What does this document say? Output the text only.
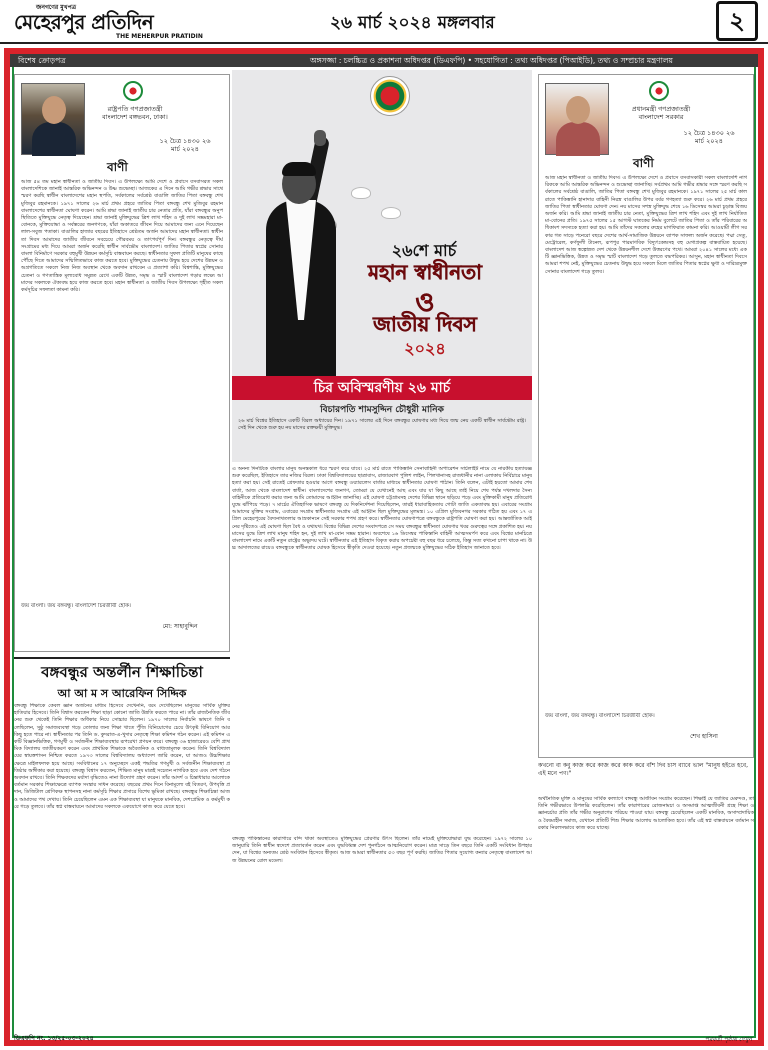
জনগণের মুখপত্র
মেহেরপুর প্রতিদিন
THE MEHERPUR PRATIDIN
২৬ মার্চ ২০২৪ মঙ্গলবার	২
বিশেষ ক্রোড়পত্র	অঙ্গসজ্জা : চলচ্চিত্র ও প্রকাশনা অধিদপ্তর (ডিএফপি) • সহযোগিতা : তথ্য অধিদপ্তর (পিআইডি), তথ্য ও সম্প্রচার মন্ত্রণালয়
রাষ্ট্রপতি গণপ্রজাতন্ত্রী বাংলাদেশ বঙ্গভবন, ঢাকা।
১২ চৈত্র ১৪৩০ ২৬ মার্চ ২০২৪
বাণী
আজ ৫৪ তম মহান স্বাধীনতা ও জাতীয় দিবস। এ উপলক্ষ্যে আমি দেশে ও প্রবাসে বসবাসরত সকল বাংলাদেশিকে জানাই আন্তরিক অভিনন্দন ও উষ্ণ শুভেচ্ছা। আজকের এ দিনে আমি গভীর শ্রদ্ধার সাথে স্মরণ করছি স্বাধীন বাংলাদেশের মহান স্থপতি, সর্বকালের সর্বশ্রেষ্ঠ বাঙালি জাতির পিতা বঙ্গবন্ধু শেখ মুজিবুর রহমানকে। ১৯৭১ সালের ২৬ মার্চ প্রথম প্রহরে জাতির পিতা বঙ্গবন্ধু শেখ মুজিবুর রহমান বাংলাদেশের স্বাধীনতা ঘোষণা করেন। আমি শ্রদ্ধা জানাই জাতীয় চার নেতার প্রতি, যাঁরা বঙ্গবন্ধুর অনুপস্থিতিতে মুক্তিযুদ্ধে নেতৃত্ব দিয়েছেন। শ্রদ্ধা জানাই মুক্তিযুদ্ধের ত্রিশ লাখ শহিদ ও দুই লাখ সম্ভ্রমহারা মা-বোনকে, মুক্তিযোদ্ধা ও সর্বস্তরের জনগণকে, যাঁরা অকাতরে জীবন দিয়ে আমাদের জন্য এনে দিয়েছেন লাল-সবুজ পতাকা। বাঙালির হাজার বছরের ইতিহাসে শ্রেষ্ঠতম অর্জন আমাদের মহান স্বাধীনতা। স্বাধীনতা দিবস আমাদের জাতীয় জীবনে সবচেয়ে গৌরবময় ও তাৎপর্যপূর্ণ দিন। বঙ্গবন্ধুর নেতৃত্বে দীর্ঘ সংগ্রামের মধ্য দিয়ে আমরা অর্জন করেছি স্বাধীন সার্বভৌম বাংলাদেশ। জাতির পিতার স্বপ্নের সোনার বাংলা বিনির্মাণে সরকার বহুমুখী উন্নয়ন কর্মসূচি বাস্তবায়ন করছে। স্বাধীনতার সুফল প্রতিটি মানুষের কাছে পৌঁছে দিতে আমাদের সম্মিলিতভাবে কাজ করতে হবে। মুক্তিযুদ্ধের চেতনায় উদ্বুদ্ধ হয়ে দেশের উন্নয়ন ও অগ্রগতিতে সকলে নিজ নিজ অবস্থান থেকে অবদান রাখবেন এ প্রত্যাশা করি। বিশ্বশান্তি, মুক্তিযুদ্ধের চেতনা ও গণতান্ত্রিক মূল্যবোধ সমুন্নত রেখে একটি উন্নত, সমৃদ্ধ ও স্মার্ট বাংলাদেশ গড়ার লক্ষ্যে আমাদের সকলকে ঐক্যবদ্ধ হয়ে কাজ করতে হবে। মহান স্বাধীনতা ও জাতীয় দিবস উপলক্ষ্যে গৃহীত সকল কর্মসূচির সফলতা কামনা করি।
জয় বাংলা। জয় বঙ্গবন্ধু। বাংলাদেশ চিরজীবী হোক।
মো: সাহাবুদ্দিন
২৬শে মার্চ
মহান স্বাধীনতা
ও
জাতীয় দিবস
২০২৪
চির অবিস্মরণীয় ২৬ মার্চ
বিচারপতি শামসুদ্দিন চৌধুরী মানিক
২৬ মার্চ বিশ্বের ইতিহাসে একটি বিরল অধ্যায়ের দিন। ১৯৭১ সালের এই দিনে বঙ্গবন্ধুর ঘোষণার মধ্য দিয়ে জন্ম নেয় একটি স্বাধীন সার্বভৌম রাষ্ট্র। সেই দিন থেকে শুরু হয় নয় মাসের রক্তক্ষয়ী মুক্তিযুদ্ধ।
এ অনন্য দিনটিকে বাংলার মানুষ অনন্তকাল ধরে স্মরণ করে যাবে। ২৫ মার্চ রাতে পাকিস্তানি সেনাবাহিনী অপারেশন সার্চলাইট নামে যে নারকীয় হত্যাযজ্ঞ শুরু করেছিল, ইতিহাসে তার নজির বিরল। ঢাকা বিশ্ববিদ্যালয়ের ছাত্রাবাস, রাজারবাগ পুলিশ লাইন, পিলখানাসহ রাজধানীর নানা এলাকায় নির্বিচারে মানুষ হত্যা করা হয়। সেই রাতেই গ্রেফতার হওয়ার আগে বঙ্গবন্ধু ওয়্যারলেস বার্তার মাধ্যমে স্বাধীনতার ঘোষণা পাঠান। তিনি বলেন, এটাই হয়তো আমার শেষ বার্তা, আজ থেকে বাংলাদেশ স্বাধীন। বাংলাদেশের জনগণ, তোমরা যে যেখানেই আছ এবং যার যা কিছু আছে তাই নিয়ে শেষ পর্যন্ত দখলদার সৈন্যবাহিনীকে প্রতিরোধ করার জন্য আমি তোমাদের আহ্বান জানাচ্ছি। এই ঘোষণা চট্টগ্রামসহ দেশের বিভিন্ন স্থানে ছড়িয়ে পড়ে এবং মুক্তিকামী মানুষ প্রতিরোধ যুদ্ধে ঝাঁপিয়ে পড়ে। ৭ মার্চের ঐতিহাসিক ভাষণে বঙ্গবন্ধু যে দিকনির্দেশনা দিয়েছিলেন, তারই ধারাবাহিকতায় গোটা জাতি একতাবদ্ধ হয়। এবারের সংগ্রাম আমাদের মুক্তির সংগ্রাম, এবারের সংগ্রাম স্বাধীনতার সংগ্রাম এই আহ্বান ছিল মুক্তিযুদ্ধের মূলমন্ত্র। ১০ এপ্রিল মুজিবনগর সরকার গঠিত হয় এবং ১৭ এপ্রিল মেহেরপুরের বৈদ্যনাথতলার আম্রকাননে সেই সরকার শপথ গ্রহণ করে। স্বাধীনতার ঘোষণাপত্রে বঙ্গবন্ধুকে রাষ্ট্রপতি ঘোষণা করা হয়। আন্তর্জাতিক আইনের দৃষ্টিতেও এই ঘোষণা ছিল বৈধ ও যথাযথ। বিশ্বের বিভিন্ন দেশের সংবাদপত্রে সে সময় বঙ্গবন্ধুর স্বাধীনতা ঘোষণার খবর গুরুত্বের সঙ্গে প্রকাশিত হয়। নয় মাসের যুদ্ধে ত্রিশ লাখ মানুষ শহিদ হন, দুই লাখ মা-বোন সম্ভ্রম হারান। অবশেষে ১৬ ডিসেম্বর পাকিস্তানি বাহিনী আত্মসমর্পণ করে এবং বিশ্বের মানচিত্রে বাংলাদেশ নামে একটি নতুন রাষ্ট্রের অভ্যুদয় ঘটে। স্বাধীনতার এই ইতিহাস বিকৃত করার অপচেষ্টা বহু বছর ধরে চলেছে, কিন্তু সত্য কখনো চাপা থাকে না। উচ্চ আদালতের রায়েও বঙ্গবন্ধুকে স্বাধীনতার ঘোষক হিসেবে স্বীকৃতি দেওয়া হয়েছে। নতুন প্রজন্মকে মুক্তিযুদ্ধের সঠিক ইতিহাস জানাতে হবে।
বঙ্গবন্ধু পাকিস্তানের কারাগারে বন্দি থাকা অবস্থাতেও মুক্তিযুদ্ধের প্রেরণার উৎস ছিলেন। তাঁর নামেই মুক্তিযোদ্ধারা যুদ্ধ করেছেন। ১৯৭২ সালের ১০ জানুয়ারি তিনি স্বাধীন স্বদেশে প্রত্যাবর্তন করেন এবং যুদ্ধবিধ্বস্ত দেশ পুনর্গঠনে আত্মনিয়োগ করেন। মাত্র সাড়ে তিন বছরে তিনি একটি সংবিধান উপহার দেন, যা বিশ্বের অন্যতম শ্রেষ্ঠ সংবিধান হিসেবে স্বীকৃত। আজ আমরা স্বাধীনতার ৫৩ বছর পূর্ণ করছি। জাতির পিতার সুযোগ্য কন্যার নেতৃত্বে বাংলাদেশ আজ উন্নয়নের রোল মডেল।
প্রধানমন্ত্রী গণপ্রজাতন্ত্রী বাংলাদেশ সরকার
১২ চৈত্র ১৪৩০ ২৬ মার্চ ২০২৪
বাণী
আজ মহান স্বাধীনতা ও জাতীয় দিবস। এ উপলক্ষ্যে দেশে ও প্রবাসে বসবাসকারী সকল বাংলাদেশি নাগরিককে আমি আন্তরিক অভিনন্দন ও শুভেচ্ছা জানাচ্ছি। সর্বপ্রথম আমি গভীর শ্রদ্ধার সঙ্গে স্মরণ করছি সর্বকালের সর্বশ্রেষ্ঠ বাঙালি, জাতির পিতা বঙ্গবন্ধু শেখ মুজিবুর রহমানকে। ১৯৭১ সালের ২৫ মার্চ কালরাতে পাকিস্তানি হানাদার বাহিনী নিরস্ত্র বাঙালির উপর বর্বর গণহত্যা শুরু করে। ২৬ মার্চ প্রথম প্রহরে জাতির পিতা স্বাধীনতার ঘোষণা দেন। নয় মাসের সশস্ত্র মুক্তিযুদ্ধ শেষে ১৬ ডিসেম্বর আমরা চূড়ান্ত বিজয় অর্জন করি। আমি শ্রদ্ধা জানাই জাতীয় চার নেতা, মুক্তিযুদ্ধের ত্রিশ লাখ শহিদ এবং দুই লাখ নির্যাতিত মা-বোনের প্রতি। ১৯৭৫ সালের ১৫ আগস্ট ঘাতকের নির্মম বুলেটে জাতির পিতা ও তাঁর পরিবারের অধিকাংশ সদস্যকে হত্যা করা হয়। আমি তাঁদের সকলের রুহের মাগফিরাত কামনা করি। আওয়ামী লীগ সরকার গত সাড়ে পনেরো বছরে দেশের আর্থ-সামাজিক উন্নয়নে ব্যাপক সাফল্য অর্জন করেছে। পদ্মা সেতু, মেট্রোরেল, কর্ণফুলী টানেল, রূপপুর পারমাণবিক বিদ্যুৎকেন্দ্রসহ বহু মেগাপ্রকল্প বাস্তবায়িত হয়েছে। বাংলাদেশ আজ স্বল্পোন্নত দেশ থেকে উন্নয়নশীল দেশে উত্তরণের পথে। আমরা ২০৪১ সালের মধ্যে একটি জ্ঞানভিত্তিক, উন্নত ও সমৃদ্ধ স্মার্ট বাংলাদেশ গড়ে তুলতে বদ্ধপরিকর। আসুন, মহান স্বাধীনতা দিবসে আমরা শপথ নেই, মুক্তিযুদ্ধের চেতনায় উদ্বুদ্ধ হয়ে সকলে মিলে জাতির পিতার স্বপ্নের ক্ষুধা ও দারিদ্র্যমুক্ত সোনার বাংলাদেশ গড়ে তুলব।
জয় বাংলা, জয় বঙ্গবন্ধু। বাংলাদেশ চিরজীবী হোক।
শেখ হাসিনা
বঙ্গবন্ধুর অন্তর্লীন শিক্ষাচিন্তা
আ আ ম স আরেফিন সিদ্দিক
বঙ্গবন্ধু শিক্ষাকে কেবল জ্ঞান অর্জনের মাধ্যম হিসেবে দেখেননি, বরং দেখেছিলেন মানুষের সার্বিক মুক্তির হাতিয়ার হিসেবে। তিনি বিশ্বাস করতেন শিক্ষা ছাড়া কোনো জাতি উন্নতি করতে পারে না। তাঁর রাজনৈতিক জীবনের শুরু থেকেই তিনি শিক্ষার অধিকার নিয়ে সোচ্চার ছিলেন। ১৯৭০ সালের নির্বাচনি ভাষণে তিনি বলেছিলেন, সুষ্ঠু সমাজব্যবস্থা গড়ে তোলার জন্য শিক্ষা খাতে পুঁজি বিনিয়োগের চেয়ে উৎকৃষ্ট বিনিয়োগ আর কিছু হতে পারে না। স্বাধীনতার পর তিনি ড. কুদরাত-এ-খুদার নেতৃত্বে শিক্ষা কমিশন গঠন করেন। এই কমিশন একটি বিজ্ঞানভিত্তিক, গণমুখী ও সর্বজনীন শিক্ষাব্যবস্থার রূপরেখা প্রণয়ন করে। বঙ্গবন্ধু ৩৬ হাজারেরও বেশি প্রাথমিক বিদ্যালয় জাতীয়করণ করেন এবং প্রাথমিক শিক্ষাকে অবৈতনিক ও বাধ্যতামূলক করেন। তিনি বিশ্ববিদ্যালয়ের স্বায়ত্তশাসন নিশ্চিত করতে ১৯৭৩ সালের বিশ্ববিদ্যালয় অধ্যাদেশ জারি করেন, যা আজও উচ্চশিক্ষার ক্ষেত্রে মাইলফলক হয়ে আছে। সংবিধানের ১৭ অনুচ্ছেদে একই পদ্ধতির গণমুখী ও সর্বজনীন শিক্ষাব্যবস্থা প্রতিষ্ঠার অঙ্গীকার করা হয়েছে। বঙ্গবন্ধু বিশ্বাস করতেন, শিক্ষিত মানুষ মাত্রই সচেতন নাগরিক হবে এবং দেশ গঠনে অবদান রাখবে। তিনি শিক্ষকদের মর্যাদা বৃদ্ধিতেও নানা উদ্যোগ গ্রহণ করেন। তাঁর আদর্শ ও চিন্তাধারার আলোকে বর্তমান সরকার শিক্ষাক্ষেত্রে ব্যাপক সংস্কার সাধন করেছে। বছরের প্রথম দিনে বিনামূল্যে বই বিতরণ, উপবৃত্তি প্রদান, ডিজিটাল শ্রেণিকক্ষ স্থাপনসহ নানা কর্মসূচি শিক্ষার প্রসারে বিশেষ ভূমিকা রাখছে। বঙ্গবন্ধুর শিক্ষাচিন্তা আজও আমাদের পথ দেখায়। তিনি চেয়েছিলেন এমন এক শিক্ষাব্যবস্থা যা মানুষকে মানবিক, দেশপ্রেমিক ও কর্মমুখী করে গড়ে তুলবে। তাঁর স্বপ্ন বাস্তবায়নে আমাদের সকলকে একযোগে কাজ করে যেতে হবে।
ডিএফপি নং. ১৩/২৫-০৩-২০২৪
কখনো বা কবু কাজ করে কাজ করে কাক করে বাঁশ দিব চাস ব্যাবে ভাল "মানুষ হইতে হবে, এই মনে পণ।"
অর্থনৈতিক মুক্তি ও মানুষের সার্বিক কল্যাণে বঙ্গবন্ধু আজীবন সংগ্রাম করেছেন। শিক্ষাই যে জাতির মেরুদণ্ড, তা তিনি গভীরভাবে উপলব্ধি করেছিলেন। তাঁর কারাগারের রোজনামচা ও অসমাপ্ত আত্মজীবনী গ্রন্থে শিক্ষা ও জ্ঞানচর্চার প্রতি তাঁর গভীর অনুরাগের পরিচয় পাওয়া যায়। বঙ্গবন্ধু চেয়েছিলেন একটি মানবিক, অসাম্প্রদায়িক ও বৈষম্যহীন সমাজ, যেখানে প্রতিটি শিশু শিক্ষার আলোয় আলোকিত হবে। তাঁর এই স্বপ্ন বাস্তবায়নে বর্তমান সরকার নিরলসভাবে কাজ করে যাচ্ছে।
পরবর্তী পৃষ্ঠায় দেখুন
